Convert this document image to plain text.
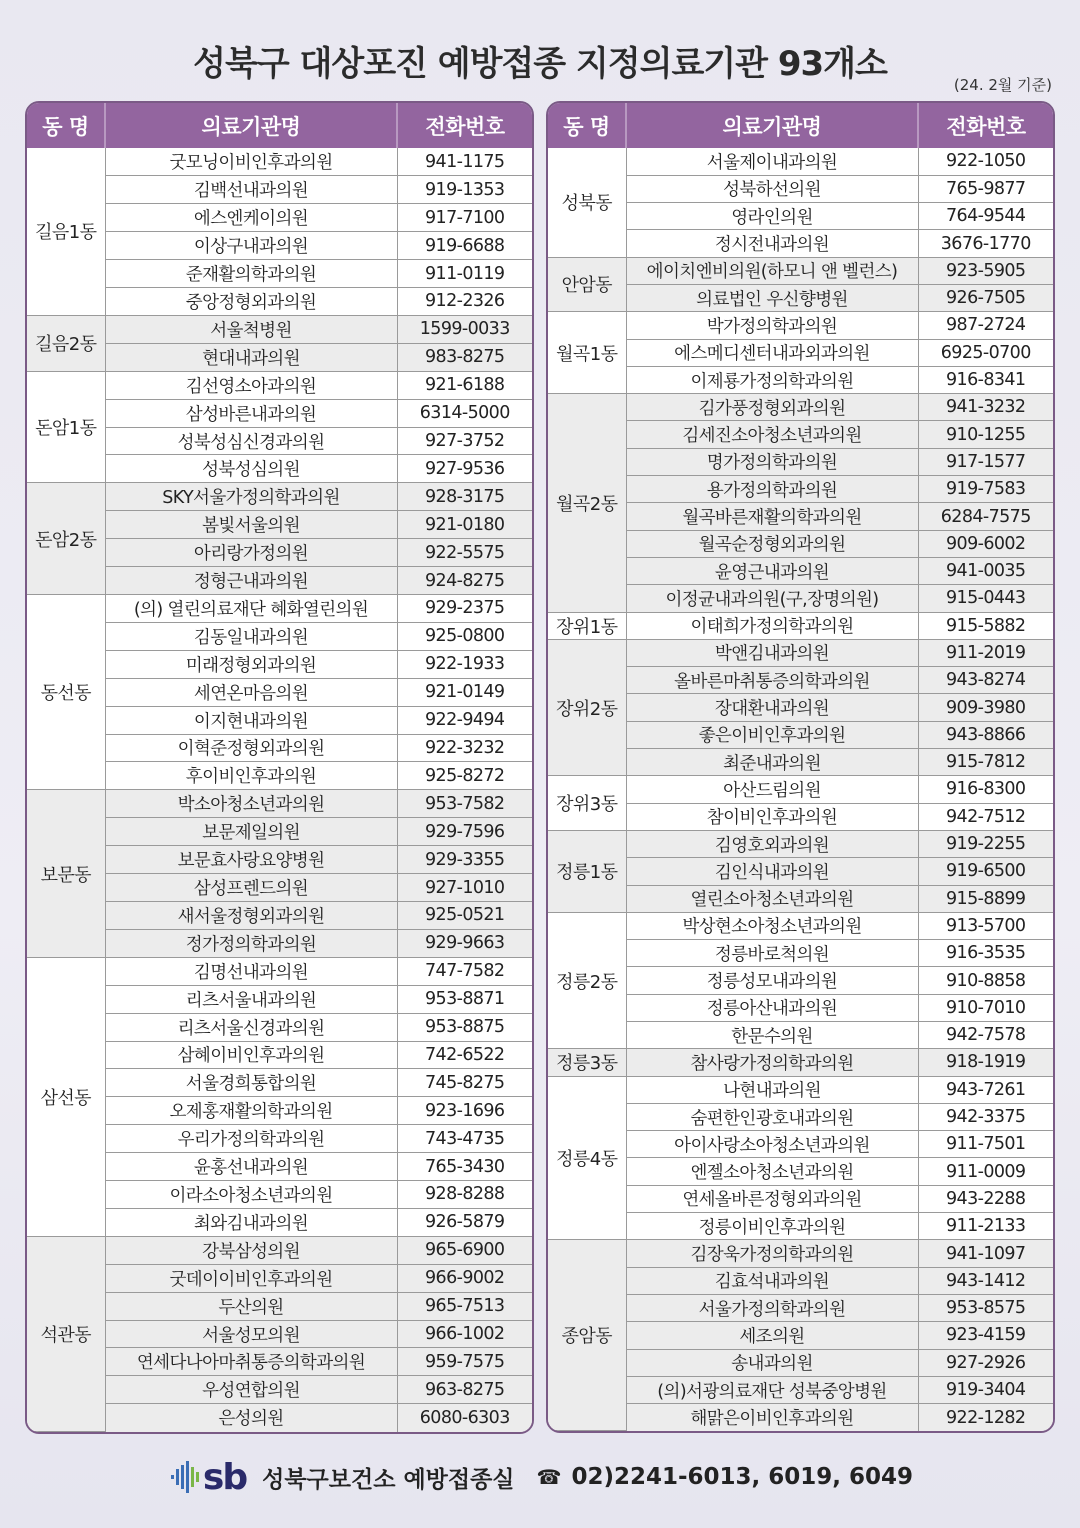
성북구 대상포진 예방접종 지정의료기관 93개소
(24. 2월 기준)
동 명	의료기관명	전화번호
길음1동	굿모닝이비인후과의원	941-1175
	김백선내과의원	919-1353
	에스엔케이의원	917-7100
	이상구내과의원	919-6688
	준재활의학과의원	911-0119
	중앙정형외과의원	912-2326
길음2동	서울척병원	1599-0033
	현대내과의원	983-8275
돈암1동	김선영소아과의원	921-6188
	삼성바른내과의원	6314-5000
	성북성심신경과의원	927-3752
	성북성심의원	927-9536
돈암2동	SKY서울가정의학과의원	928-3175
	봄빛서울의원	921-0180
	아리랑가정의원	922-5575
	정형근내과의원	924-8275
동선동	(의) 열린의료재단 혜화열린의원	929-2375
	김동일내과의원	925-0800
	미래정형외과의원	922-1933
	세연온마음의원	921-0149
	이지현내과의원	922-9494
	이혁준정형외과의원	922-3232
	후이비인후과의원	925-8272
보문동	박소아청소년과의원	953-7582
	보문제일의원	929-7596
	보문효사랑요양병원	929-3355
	삼성프렌드의원	927-1010
	새서울정형외과의원	925-0521
	정가정의학과의원	929-9663
삼선동	김명선내과의원	747-7582
	리츠서울내과의원	953-8871
	리츠서울신경과의원	953-8875
	삼혜이비인후과의원	742-6522
	서울경희통합의원	745-8275
	오제홍재활의학과의원	923-1696
	우리가정의학과의원	743-4735
	윤홍선내과의원	765-3430
	이라소아청소년과의원	928-8288
	최와김내과의원	926-5879
석관동	강북삼성의원	965-6900
	굿데이이비인후과의원	966-9002
	두산의원	965-7513
	서울성모의원	966-1002
	연세다나아마취통증의학과의원	959-7575
	우성연합의원	963-8275
	은성의원	6080-6303
동 명	의료기관명	전화번호
성북동	서울제이내과의원	922-1050
	성북하선의원	765-9877
	영라인의원	764-9544
	정시전내과의원	3676-1770
안암동	에이치엔비의원(하모니 앤 벨런스)	923-5905
	의료법인 우신향병원	926-7505
월곡1동	박가정의학과의원	987-2724
	에스메디센터내과외과의원	6925-0700
	이제룡가정의학과의원	916-8341
월곡2동	김가풍정형외과의원	941-3232
	김세진소아청소년과의원	910-1255
	명가정의학과의원	917-1577
	용가정의학과의원	919-7583
	월곡바른재활의학과의원	6284-7575
	월곡순정형외과의원	909-6002
	윤영근내과의원	941-0035
	이정균내과의원(구,장명의원)	915-0443
장위1동	이태희가정의학과의원	915-5882
장위2동	박앤김내과의원	911-2019
	올바른마취통증의학과의원	943-8274
	장대환내과의원	909-3980
	좋은이비인후과의원	943-8866
	최준내과의원	915-7812
장위3동	아산드림의원	916-8300
	참이비인후과의원	942-7512
정릉1동	김영호외과의원	919-2255
	김인식내과의원	919-6500
	열린소아청소년과의원	915-8899
정릉2동	박상현소아청소년과의원	913-5700
	정릉바로척의원	916-3535
	정릉성모내과의원	910-8858
	정릉아산내과의원	910-7010
	한문수의원	942-7578
정릉3동	참사랑가정의학과의원	918-1919
정릉4동	나현내과의원	943-7261
	숨편한인광호내과의원	942-3375
	아이사랑소아청소년과의원	911-7501
	엔젤소아청소년과의원	911-0009
	연세올바른정형외과의원	943-2288
	정릉이비인후과의원	911-2133
종암동	김장욱가정의학과의원	941-1097
	김효석내과의원	943-1412
	서울가정의학과의원	953-8575
	세조의원	923-4159
	송내과의원	927-2926
	(의)서광의료재단 성북중앙병원	919-3404
	해맑은이비인후과의원	922-1282
sb 성북구보건소 예방접종실 ☎ 02)2241-6013, 6019, 6049
